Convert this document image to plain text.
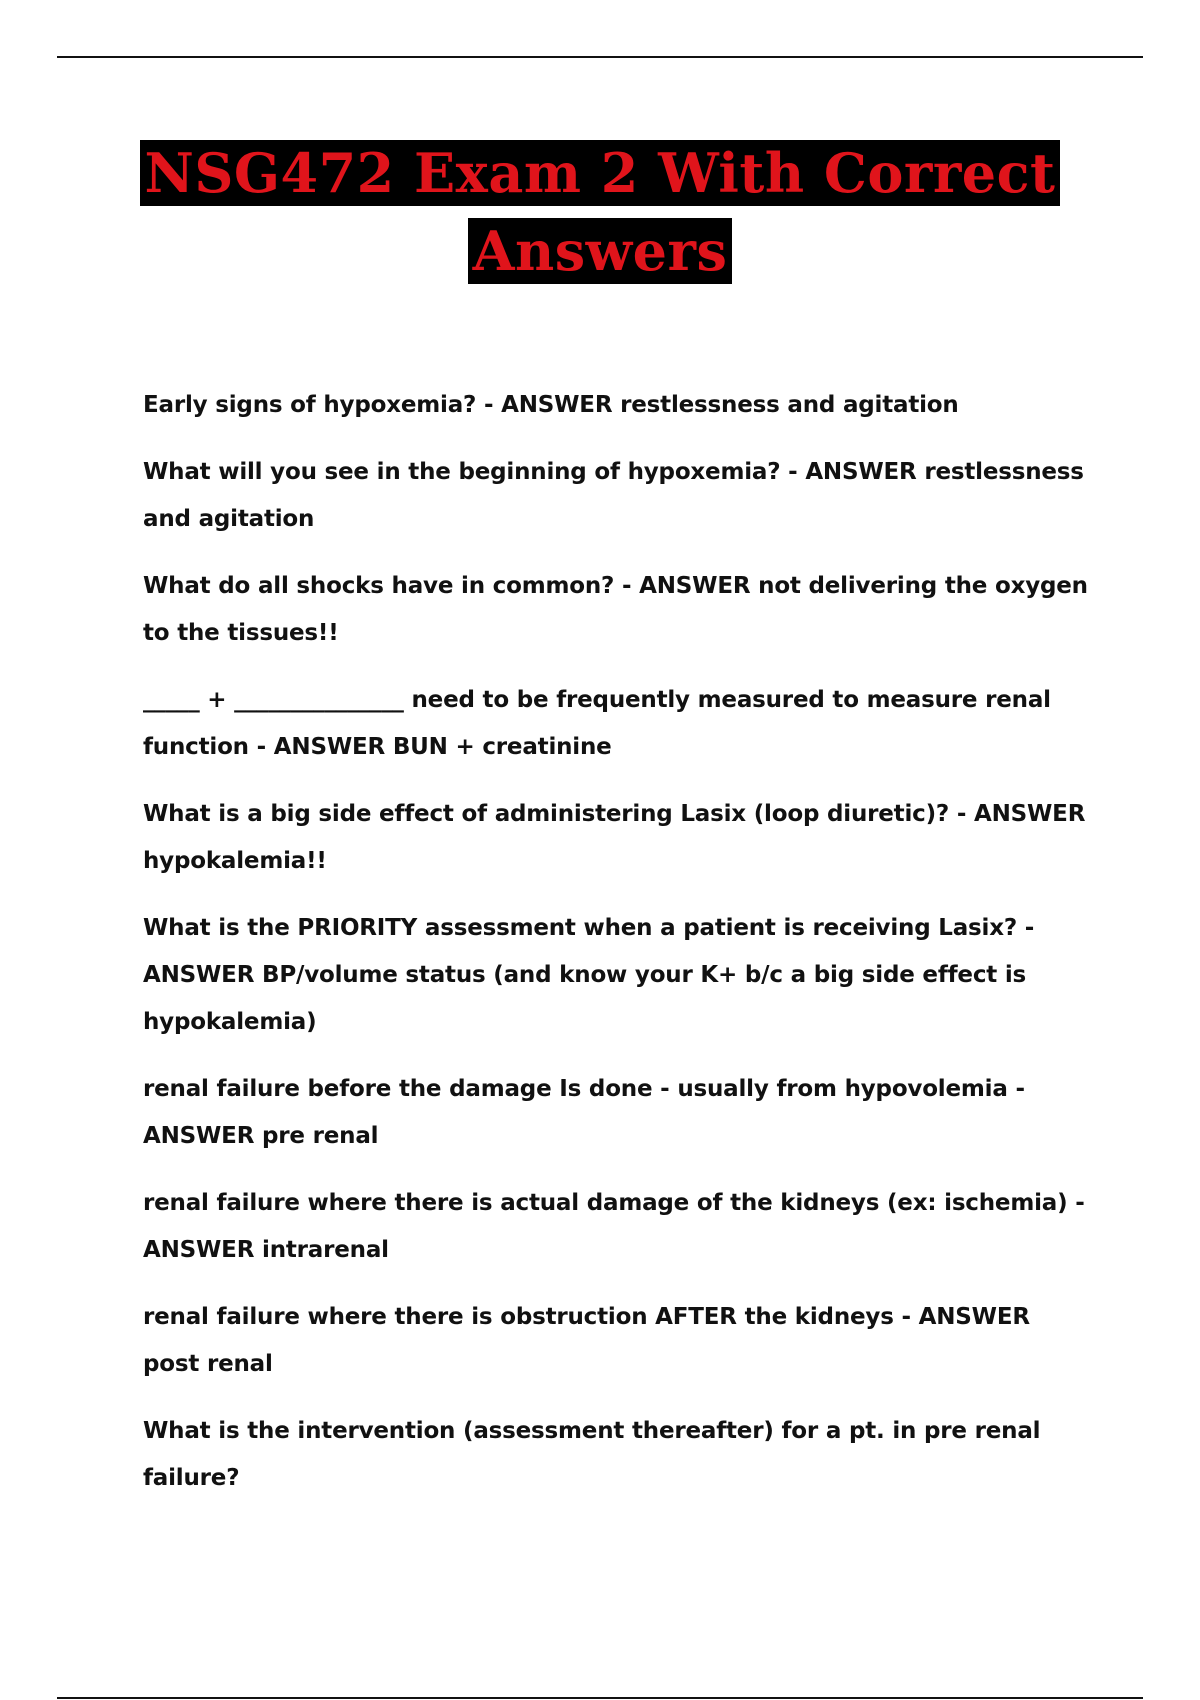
NSG472 Exam 2 With Correct
Answers
Early signs of hypoxemia? - ANSWER restlessness and agitation
What will you see in the beginning of hypoxemia? - ANSWER restlessness and agitation
What do all shocks have in common? - ANSWER not delivering the oxygen to the tissues!!
_____ + _______________ need to be frequently measured to measure renal function - ANSWER BUN + creatinine
What is a big side effect of administering Lasix (loop diuretic)? - ANSWER hypokalemia!!
What is the PRIORITY assessment when a patient is receiving Lasix? - ANSWER BP/volume status (and know your K+ b/c a big side effect is hypokalemia)
renal failure before the damage Is done - usually from hypovolemia - ANSWER pre renal
renal failure where there is actual damage of the kidneys (ex: ischemia) - ANSWER intrarenal
renal failure where there is obstruction AFTER the kidneys - ANSWER post renal
What is the intervention (assessment thereafter) for a pt. in pre renal failure?
